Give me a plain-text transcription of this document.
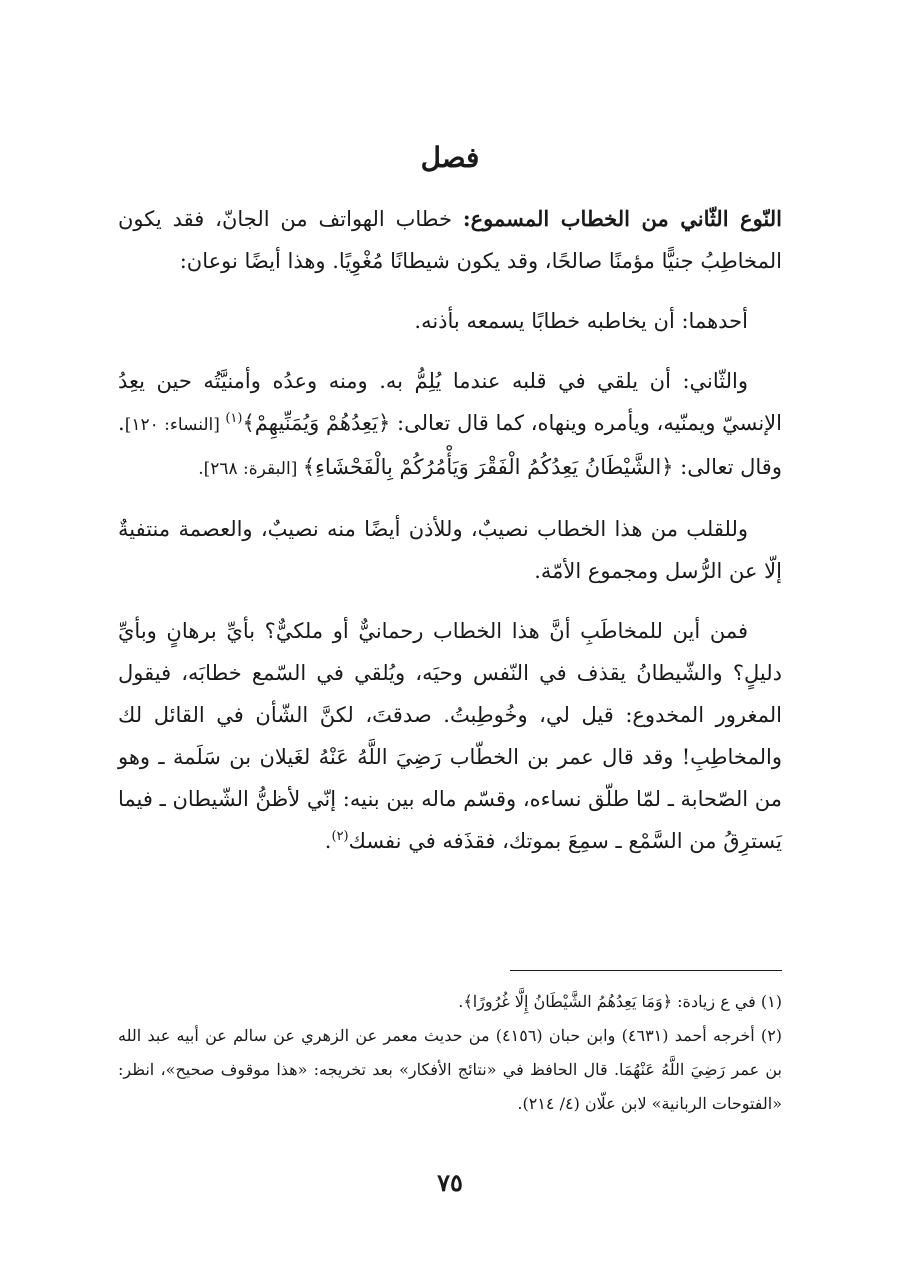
فصل

النّوع الثّاني من الخطاب المسموع: خطاب الهواتف من الجانّ، فقد يكون المخاطِبُ جنيًّا مؤمنًا صالحًا، وقد يكون شيطانًا مُغْوِيًا. وهذا أيضًا نوعان:

أحدهما: أن يخاطبه خطابًا يسمعه بأذنه.

والثّاني: أن يلقي في قلبه عندما يُلِمُّ به. ومنه وعدُه وأمنيَّتُه حين يعِدُ الإنسيّ ويمنّيه، ويأمره وينهاه، كما قال تعالى: ﴿يَعِدُهُمْ وَيُمَنِّيهِمْ﴾$^{(١)}$ [النساء: ١٢٠]. وقال تعالى: ﴿الشَّيْطَانُ يَعِدُكُمُ الْفَقْرَ وَيَأْمُرُكُمْ بِالْفَحْشَاءِ﴾ [البقرة: ٢٦٨].

وللقلب من هذا الخطاب نصيبٌ، وللأذن أيضًا منه نصيبٌ، والعصمة منتفيةٌ إلّا عن الرُّسل ومجموع الأمّة.

فمن أين للمخاطَبِ أنَّ هذا الخطاب رحمانيٌّ أو ملكيٌّ؟ بأيِّ برهانٍ وبأيِّ دليلٍ؟ والشّيطانُ يقذف في النّفس وحيَه، ويُلقي في السّمع خطابَه، فيقول المغرور المخدوع: قيل لي، وخُوطِبتُ. صدقتَ، لكنَّ الشّأن في القائل لك والمخاطِبِ! وقد قال عمر بن الخطّاب رَضِيَ اللَّهُ عَنْهُ لغَيلان بن سَلَمة ـ وهو من الصّحابة ـ لمّا طلّق نساءه، وقسّم ماله بين بنيه: إنّي لأظنُّ الشّيطان ـ فيما يَسترِقُ من السَّمْع ـ سمِعَ بموتك، فقذَفه في نفسك$^{(٢)}$.

(١) في ع زيادة: ﴿وَمَا يَعِدُهُمُ الشَّيْطَانُ إِلَّا غُرُورًا﴾.

(٢) أخرجه أحمد (٤٦٣١) وابن حبان (٤١٥٦) من حديث معمر عن الزهري عن سالم عن أبيه عبد الله بن عمر رَضِيَ اللَّهُ عَنْهُمَا. قال الحافظ في «نتائج الأفكار» بعد تخريجه: «هذا موقوف صحيح»، انظر: «الفتوحات الربانية» لابن علّان (٤/ ٢١٤).

٧٥
